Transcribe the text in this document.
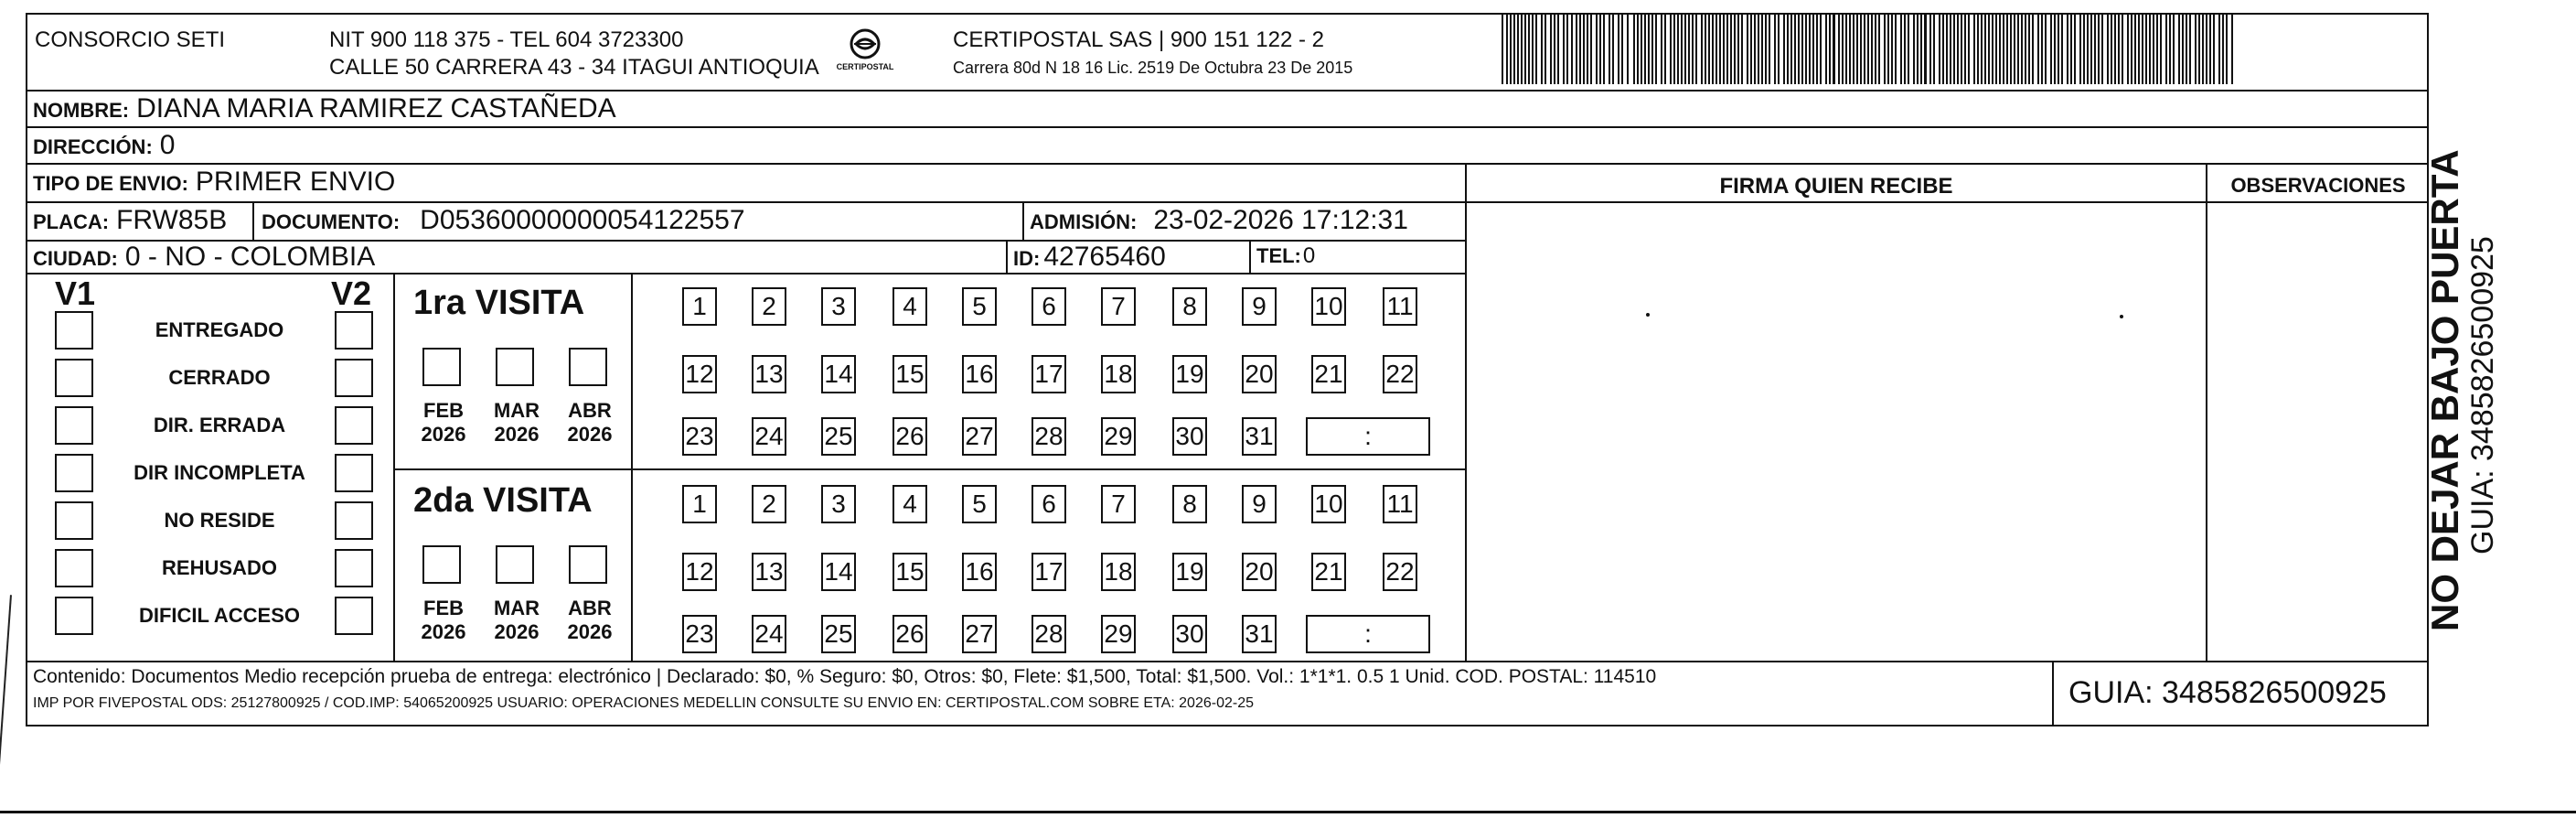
CONSORCIO SETI	NIT 900 118 375 - TEL 604 3723300
CALLE 50 CARRERA 43 - 34 ITAGUI ANTIOQUIA	CERTIPOSTAL
CERTIPOSTAL SAS | 900 151 122 - 2
Carrera 80d N 18 16 Lic. 2519 De Octubra 23 De 2015
NOMBRE: DIANA MARIA RAMIREZ CASTAÑEDA
DIRECCIÓN: 0
TIPO DE ENVIO: PRIMER ENVIO
PLACA: FRW85B DOCUMENTO: D05360000000054122557	ADMISIÓN: 23-02-2026 17:12:31
CIUDAD: 0 - NO - COLOMBIA	ID: 42765460	TEL: 0
FIRMA QUIEN RECIBE	OBSERVACIONES
V1	V2
ENTREGADO
CERRADO
DIR. ERRADA
DIR INCOMPLETA
NO RESIDE
REHUSADO
DIFICIL ACCESO
1ra VISITA
FEB
2026
MAR
2026
ABR
2026
1	2	3	4	5	6	7	8	9	10 11
12 13 14 15 16 17 18 19 20 21 22
23 24 25 26 27 28 29 30 31	:
2da VISITA
FEB
2026
MAR
2026
ABR
2026
1	2	3	4	5	6	7	8	9	10 11
12 13 14 15 16 17 18 19 20 21 22
23 24 25 26 27 28 29 30 31	:
Contenido: Documentos Medio recepción prueba de entrega: electrónico | Declarado: $0, % Seguro: $0, Otros: $0, Flete: $1,500, Total: $1,500. Vol.: 1*1*1. 0.5 1 Unid. COD. POSTAL: 114510
IMP POR FIVEPOSTAL ODS: 25127800925 / COD.IMP: 54065200925 USUARIO: OPERACIONES MEDELLIN CONSULTE SU ENVIO EN: CERTIPOSTAL.COM SOBRE ETA: 2026-02-25	GUIA: 3485826500925
NO DEJAR BAJO PUERTA GUIA: 3485826500925
